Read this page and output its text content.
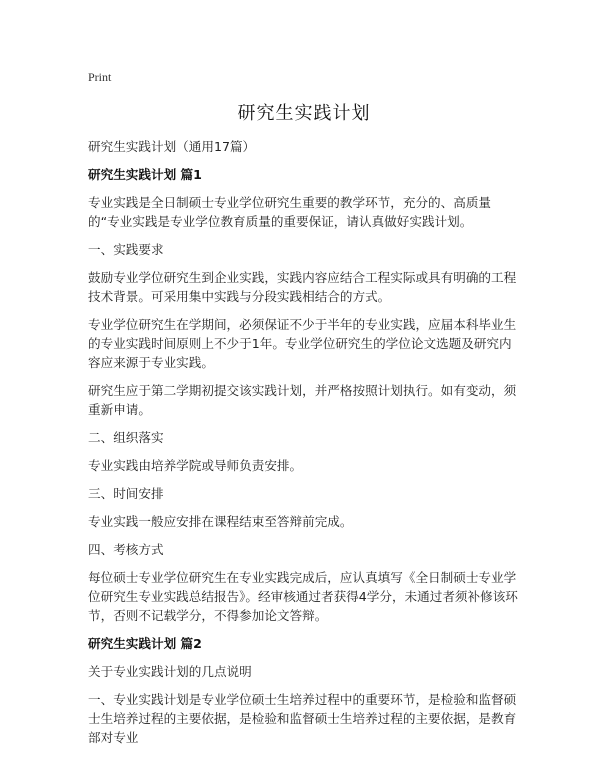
Print
研究生实践计划

研究生实践计划（通用17篇）

研究生实践计划 篇1

专业实践是全日制硕士专业学位研究生重要的教学环节，充分的、高质量的“专业实践是专业学位教育质量的重要保证，请认真做好实践计划。

一、实践要求

鼓励专业学位研究生到企业实践，实践内容应结合工程实际或具有明确的工程技术背景。可采用集中实践与分段实践相结合的方式。

专业学位研究生在学期间，必须保证不少于半年的专业实践，应届本科毕业生的专业实践时间原则上不少于1年。专业学位研究生的学位论文选题及研究内容应来源于专业实践。

研究生应于第二学期初提交该实践计划，并严格按照计划执行。如有变动，须重新申请。

二、组织落实

专业实践由培养学院或导师负责安排。

三、时间安排

专业实践一般应安排在课程结束至答辩前完成。

四、考核方式

每位硕士专业学位研究生在专业实践完成后，应认真填写《全日制硕士专业学位研究生专业实践总结报告》。经审核通过者获得4学分，未通过者须补修该环节，否则不记载学分，不得参加论文答辩。

研究生实践计划 篇2

关于专业实践计划的几点说明

一、专业实践计划是专业学位硕士生培养过程中的重要环节，是检验和监督硕士生培养过程的主要依据，是检验和监督硕士生培养过程的主要依据，是教育部对专业
